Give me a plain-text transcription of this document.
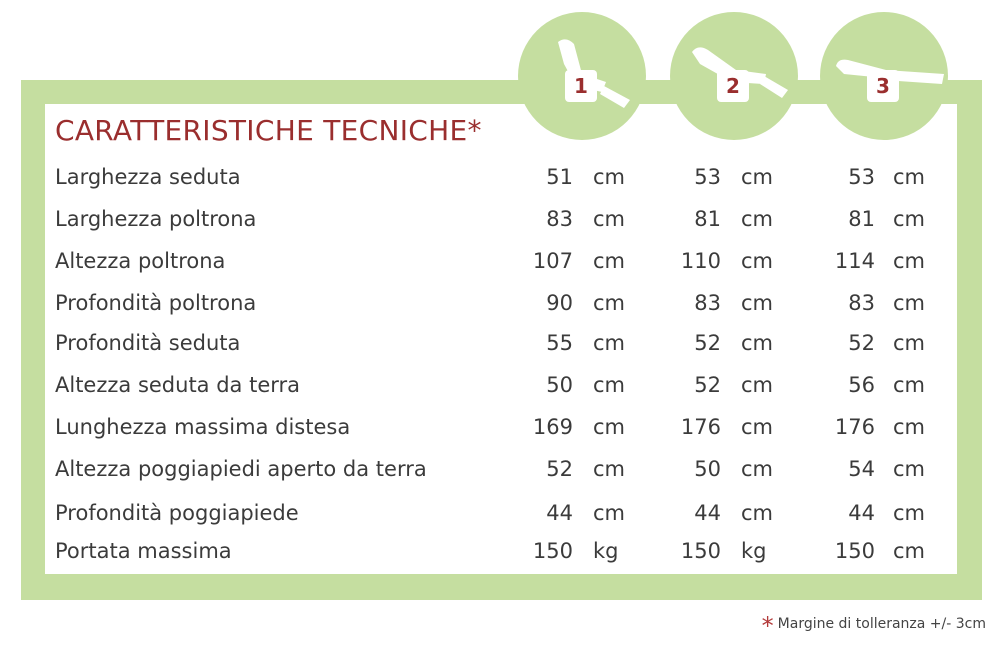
1	2	3
CARATTERISTICHE TECNICHE*
Larghezza seduta	51 cm	53 cm	53 cm
Larghezza poltrona	83 cm	81 cm	81 cm
Altezza poltrona	107 cm	110 cm	114 cm
Profondità poltrona	90 cm	83 cm	83 cm
Profondità seduta	55 cm	52 cm	52 cm
Altezza seduta da terra	50 cm	52 cm	56 cm
Lunghezza massima distesa	169 cm	176 cm	176 cm
Altezza poggiapiedi aperto da terra	52 cm	50 cm	54 cm
Profondità poggiapiede	44 cm	44 cm	44 cm
Portata massima	150 kg	150 kg	150 cm
* Margine di tolleranza +/- 3cm
